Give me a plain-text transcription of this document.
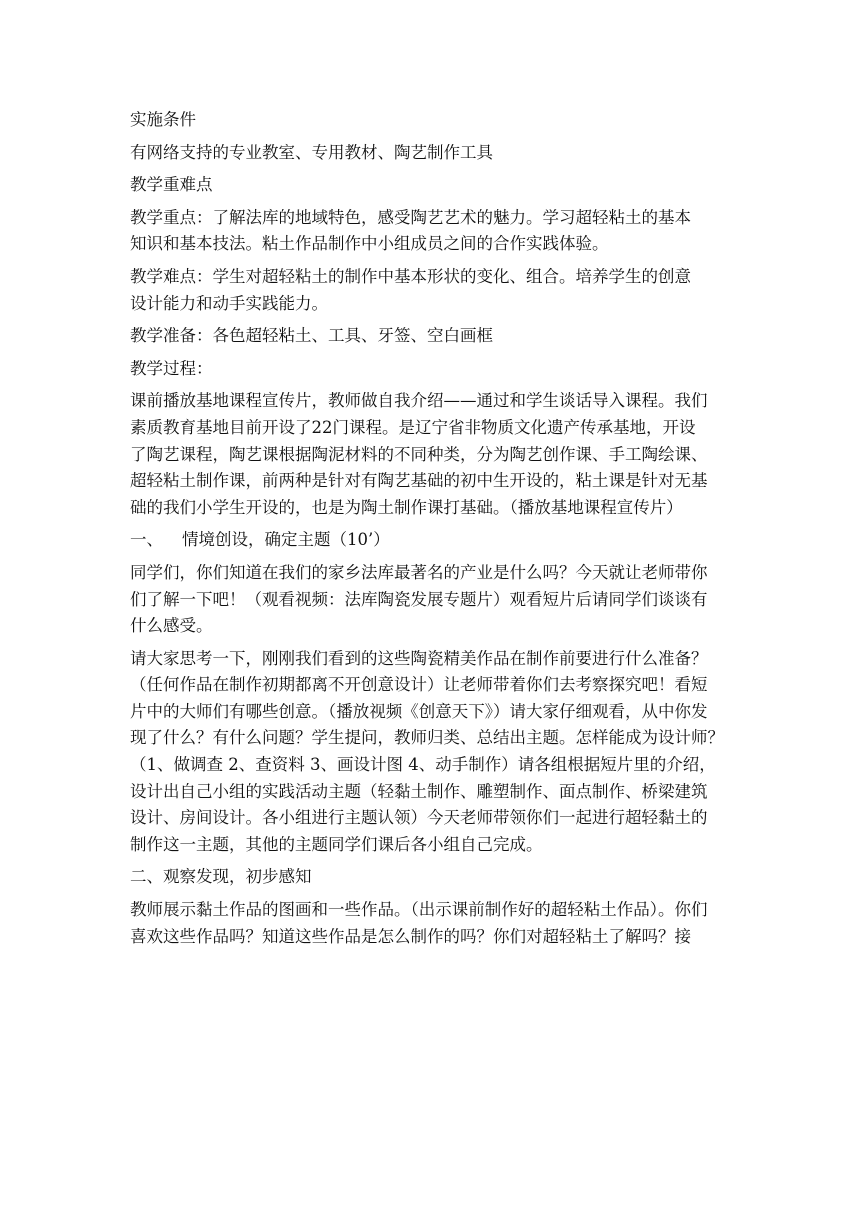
实施条件
有网络支持的专业教室、专用教材、陶艺制作工具
教学重难点
教学重点：了解法库的地域特色，感受陶艺艺术的魅力。学习超轻粘土的基本
知识和基本技法。粘土作品制作中小组成员之间的合作实践体验。
教学难点：学生对超轻粘土的制作中基本形状的变化、组合。培养学生的创意
设计能力和动手实践能力。
教学准备：各色超轻粘土、工具、牙签、空白画框
教学过程：
课前播放基地课程宣传片，教师做自我介绍——通过和学生谈话导入课程。我们
素质教育基地目前开设了22门课程。是辽宁省非物质文化遗产传承基地，开设
了陶艺课程，陶艺课根据陶泥材料的不同种类，分为陶艺创作课、手工陶绘课、
超轻粘土制作课，前两种是针对有陶艺基础的初中生开设的，粘土课是针对无基
础的我们小学生开设的，也是为陶土制作课打基础。（播放基地课程宣传片）
一、 情境创设，确定主题（10’）
同学们，你们知道在我们的家乡法库最著名的产业是什么吗？今天就让老师带你
们了解一下吧！（观看视频：法库陶瓷发展专题片）观看短片后请同学们谈谈有
什么感受。
请大家思考一下，刚刚我们看到的这些陶瓷精美作品在制作前要进行什么准备？
（任何作品在制作初期都离不开创意设计）让老师带着你们去考察探究吧！看短
片中的大师们有哪些创意。（播放视频《创意天下》）请大家仔细观看，从中你发
现了什么？有什么问题？学生提问，教师归类、总结出主题。怎样能成为设计师？
（1、做调查 2、查资料 3、画设计图 4、动手制作）请各组根据短片里的介绍，
设计出自己小组的实践活动主题（轻黏土制作、雕塑制作、面点制作、桥梁建筑
设计、房间设计。各小组进行主题认领）今天老师带领你们一起进行超轻黏土的
制作这一主题，其他的主题同学们课后各小组自己完成。
二、观察发现，初步感知
教师展示黏土作品的图画和一些作品。（出示课前制作好的超轻粘土作品）。你们
喜欢这些作品吗？知道这些作品是怎么制作的吗？你们对超轻粘土了解吗？接
